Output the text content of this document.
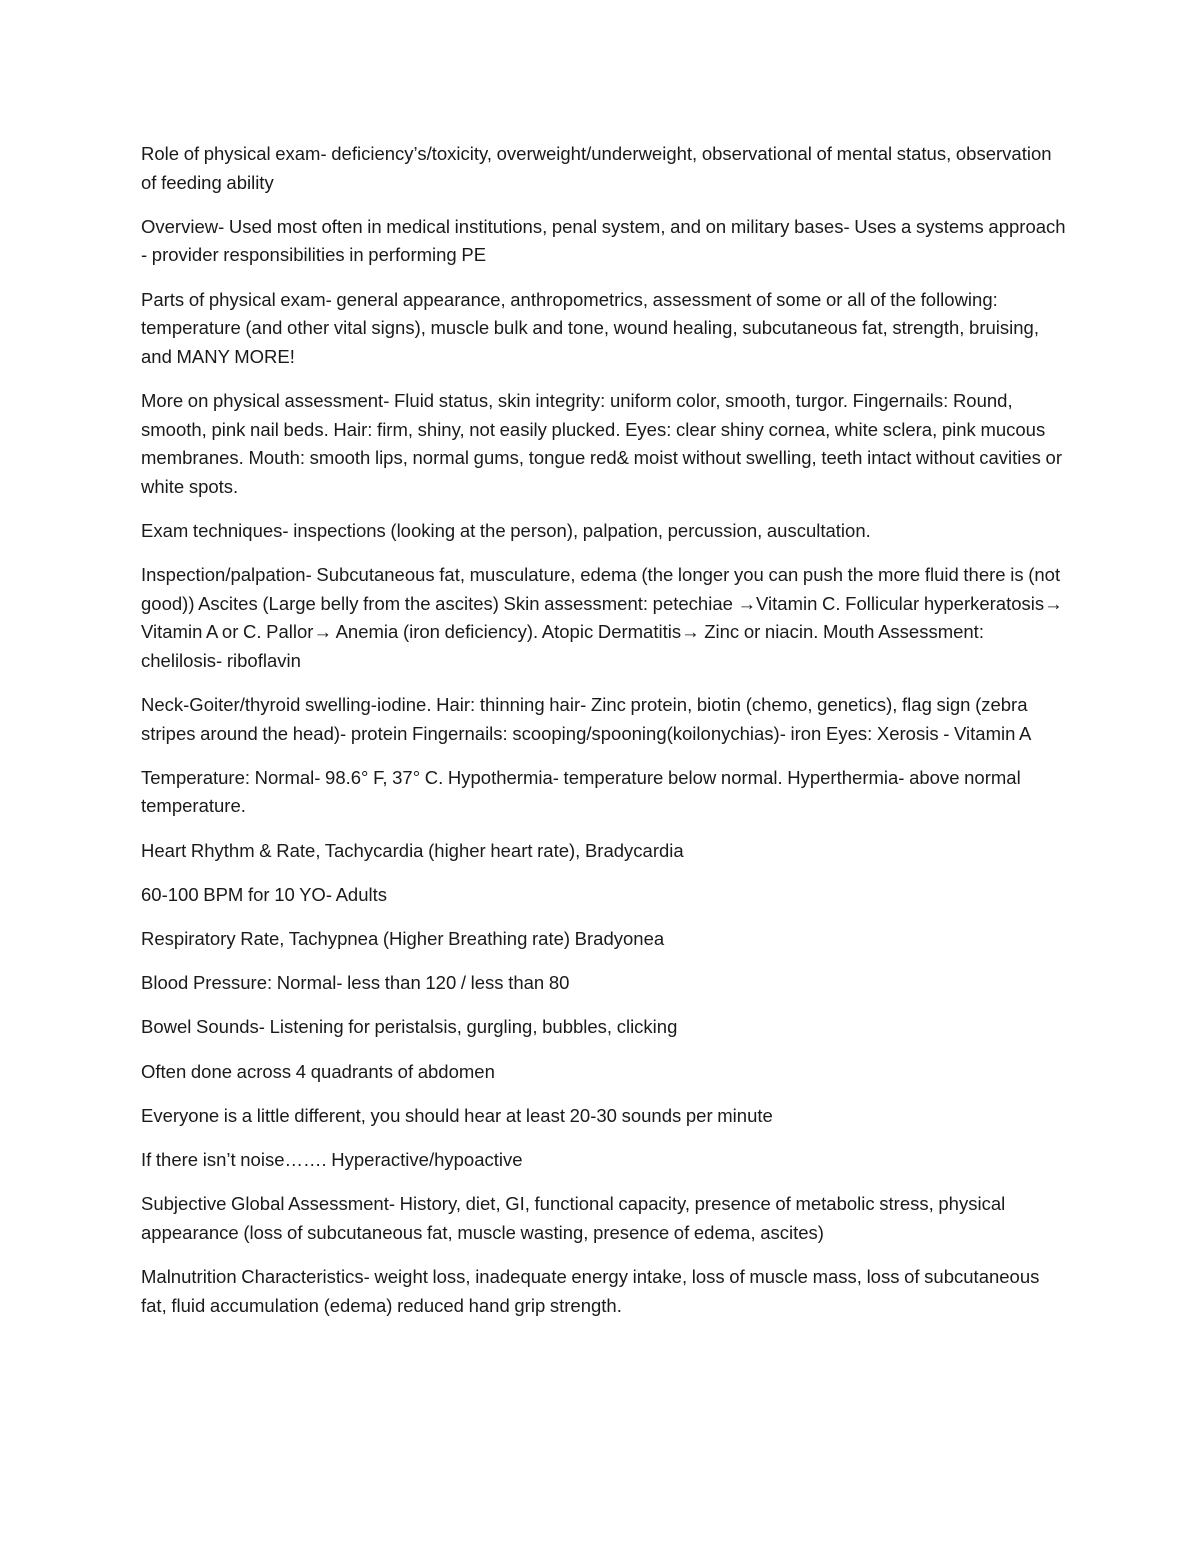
Role of physical exam- deficiency’s/toxicity, overweight/underweight, observational of mental status, observation of feeding ability

Overview- Used most often in medical institutions, penal system, and on military bases- Uses a systems approach - provider responsibilities in performing PE

Parts of physical exam- general appearance, anthropometrics, assessment of some or all of the following: temperature (and other vital signs), muscle bulk and tone, wound healing, subcutaneous fat, strength, bruising, and MANY MORE!

More on physical assessment- Fluid status, skin integrity: uniform color, smooth, turgor. Fingernails: Round, smooth, pink nail beds. Hair: firm, shiny, not easily plucked. Eyes: clear shiny cornea, white sclera, pink mucous membranes. Mouth: smooth lips, normal gums, tongue red& moist without swelling, teeth intact without cavities or white spots.

Exam techniques- inspections (looking at the person), palpation, percussion, auscultation.

Inspection/palpation- Subcutaneous fat, musculature, edema (the longer you can push the more fluid there is (not good)) Ascites (Large belly from the ascites) Skin assessment: petechiae →Vitamin C. Follicular hyperkeratosis→ Vitamin A or C. Pallor→ Anemia (iron deficiency). Atopic Dermatitis→ Zinc or niacin. Mouth Assessment: chelilosis- riboflavin

Neck-Goiter/thyroid swelling-iodine. Hair: thinning hair- Zinc protein, biotin (chemo, genetics), flag sign (zebra stripes around the head)- protein Fingernails: scooping/spooning(koilonychias)- iron Eyes: Xerosis - Vitamin A

Temperature: Normal- 98.6° F, 37° C. Hypothermia- temperature below normal. Hyperthermia- above normal temperature.

Heart Rhythm & Rate, Tachycardia (higher heart rate), Bradycardia

60-100 BPM for 10 YO- Adults

Respiratory Rate, Tachypnea (Higher Breathing rate) Bradyonea

Blood Pressure: Normal- less than 120 / less than 80

Bowel Sounds- Listening for peristalsis, gurgling, bubbles, clicking

Often done across 4 quadrants of abdomen

Everyone is a little different, you should hear at least 20-30 sounds per minute

If there isn’t noise……. Hyperactive/hypoactive

Subjective Global Assessment- History, diet, GI, functional capacity, presence of metabolic stress, physical appearance (loss of subcutaneous fat, muscle wasting, presence of edema, ascites)

Malnutrition Characteristics- weight loss, inadequate energy intake, loss of muscle mass, loss of subcutaneous fat, fluid accumulation (edema) reduced hand grip strength.
